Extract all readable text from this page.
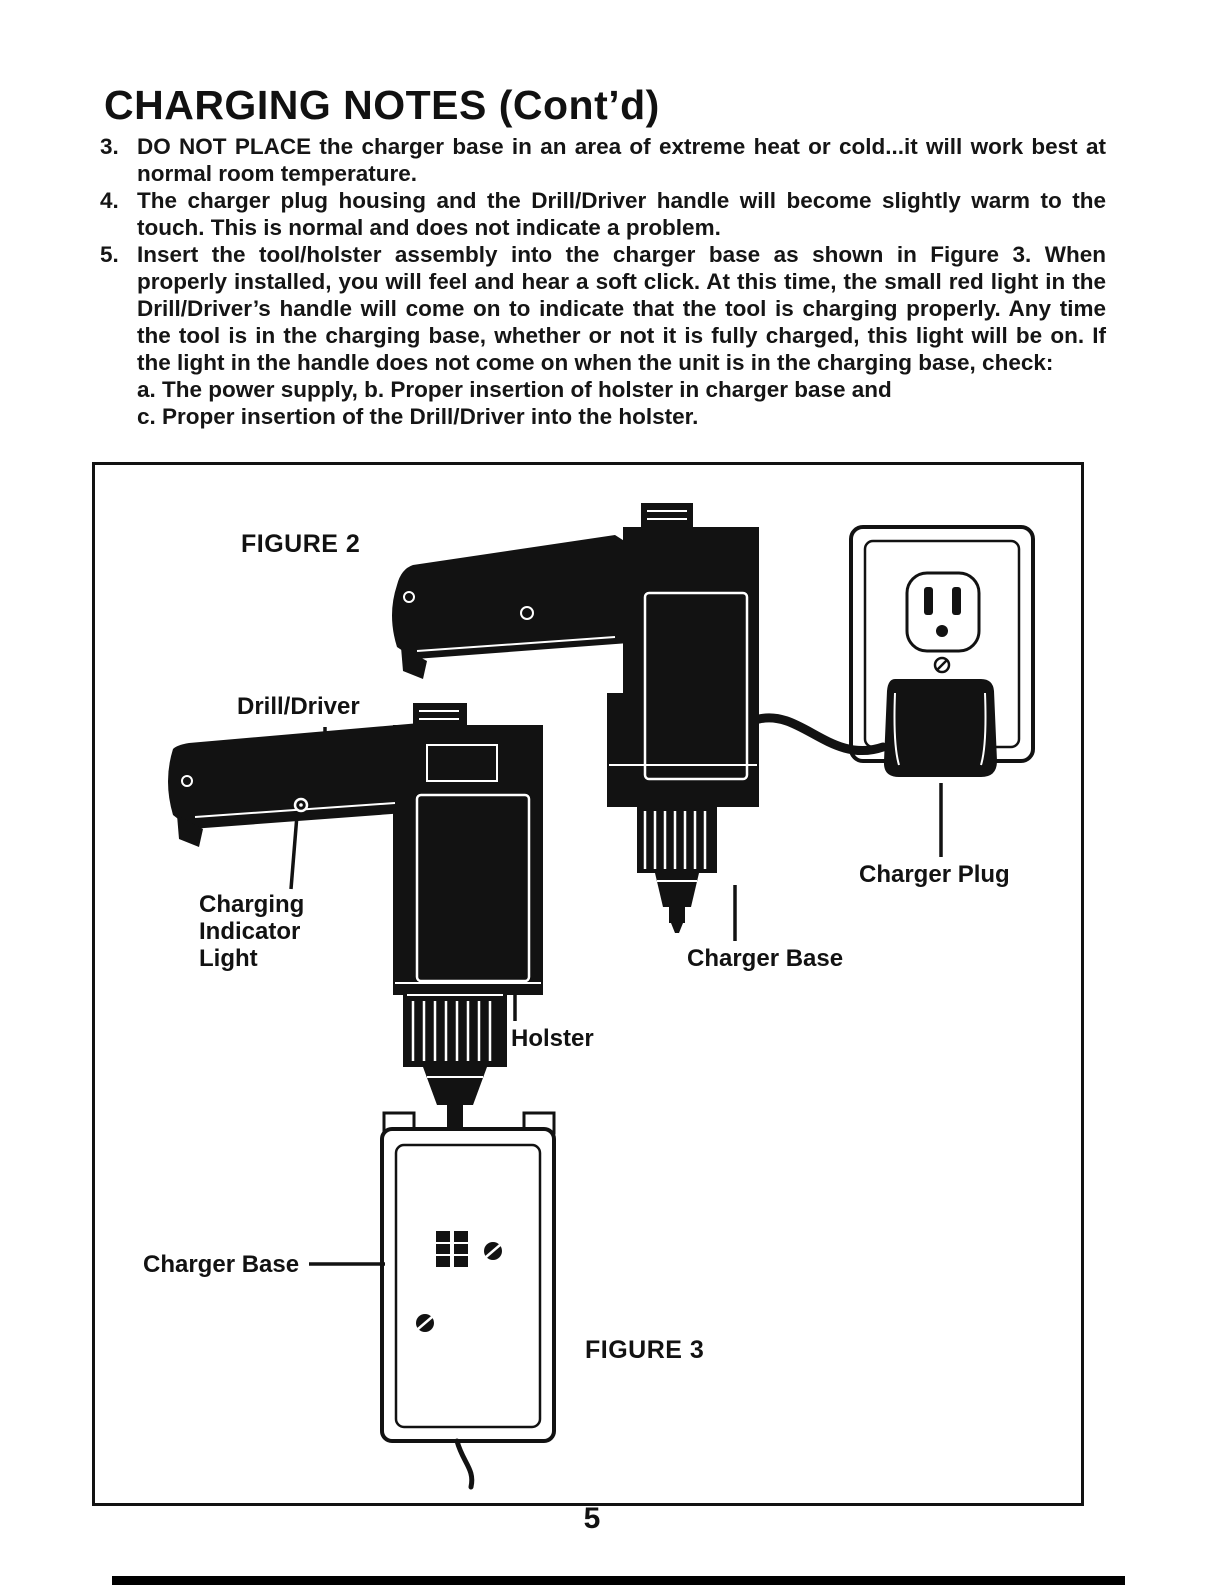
CHARGING NOTES (Cont’d)
3. DO NOT PLACE the charger base in an area of extreme heat or cold...it will work best at normal room temperature.
4. The charger plug housing and the Drill/Driver handle will become slightly warm to the touch. This is normal and does not indicate a problem.
5. Insert the tool/holster assembly into the charger base as shown in Figure 3. When properly installed, you will feel and hear a soft click. At this time, the small red light in the Drill/Driver’s handle will come on to indicate that the tool is charging properly. Any time the tool is in the charging base, whether or not it is fully charged, this light will be on. If the light in the handle does not come on when the unit is in the charging base, check:
a. The power supply, b. Proper insertion of holster in charger base and
c. Proper insertion of the Drill/Driver into the holster.
FIGURE 2
Drill/Driver
Charging Indicator Light
Charger Plug
Charger Base
Holster
Charger Base
FIGURE 3
5
